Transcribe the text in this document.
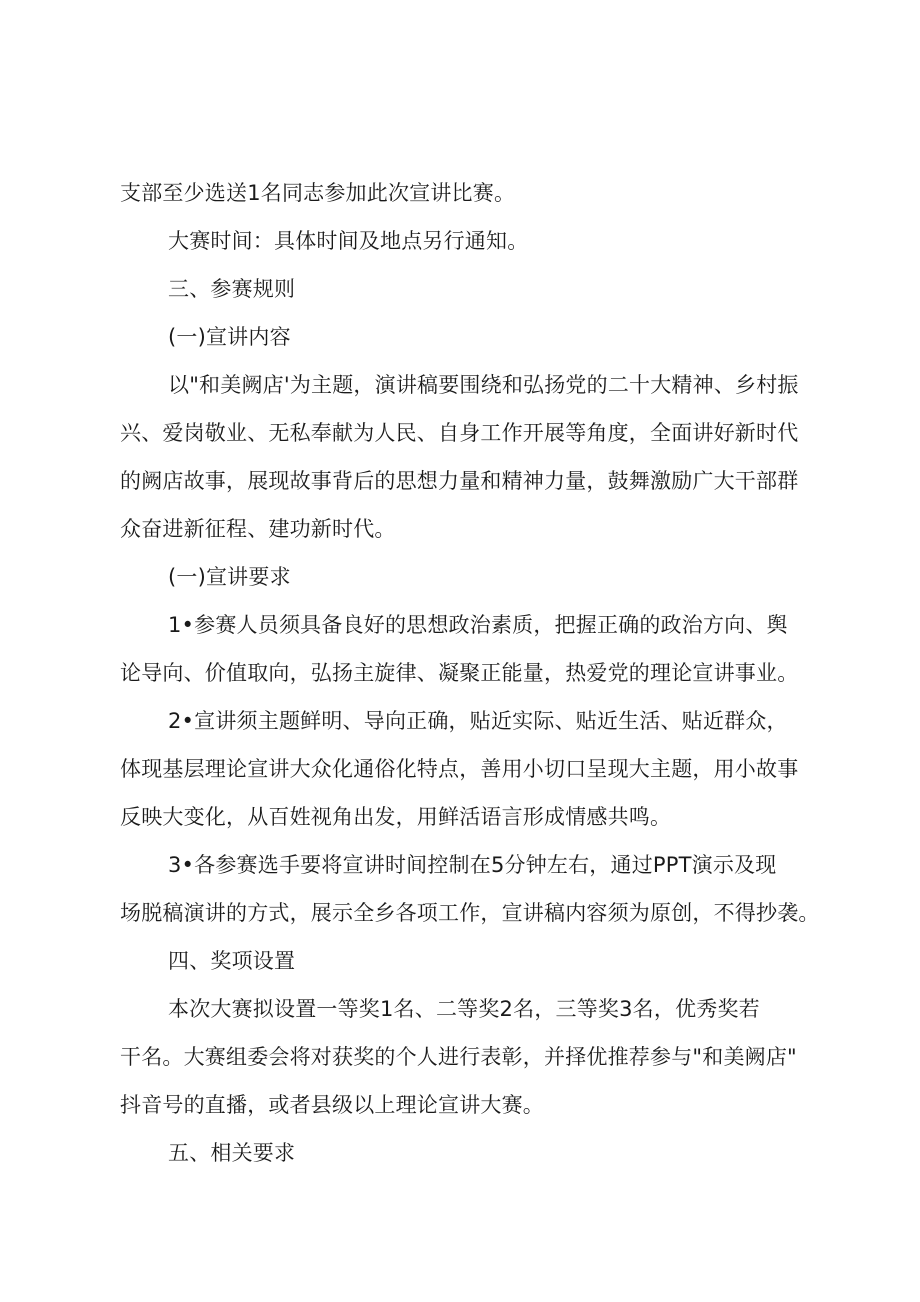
支部至少选送1名同志参加此次宣讲比赛。
大赛时间：具体时间及地点另行通知。
三、参赛规则
(一)宣讲内容
以"和美阙店'为主题，演讲稿要围绕和弘扬党的二十大精神、乡村振
兴、爱岗敬业、无私奉献为人民、自身工作开展等角度，全面讲好新时代
的阙店故事，展现故事背后的思想力量和精神力量，鼓舞激励广大干部群
众奋进新征程、建功新时代。
(一)宣讲要求
1•参赛人员须具备良好的思想政治素质，把握正确的政治方向、舆
论导向、价值取向，弘扬主旋律、凝聚正能量，热爱党的理论宣讲事业。
2•宣讲须主题鲜明、导向正确，贴近实际、贴近生活、贴近群众，
体现基层理论宣讲大众化通俗化特点，善用小切口呈现大主题，用小故事
反映大变化，从百姓视角出发，用鲜活语言形成情感共鸣。
3•各参赛选手要将宣讲时间控制在5分钟左右，通过PPT演示及现
场脱稿演讲的方式，展示全乡各项工作，宣讲稿内容须为原创，不得抄袭。
四、奖项设置
本次大赛拟设置一等奖1名、二等奖2名，三等奖3名，优秀奖若
干名。大赛组委会将对获奖的个人进行表彰，并择优推荐参与"和美阙店"
抖音号的直播，或者县级以上理论宣讲大赛。
五、相关要求
